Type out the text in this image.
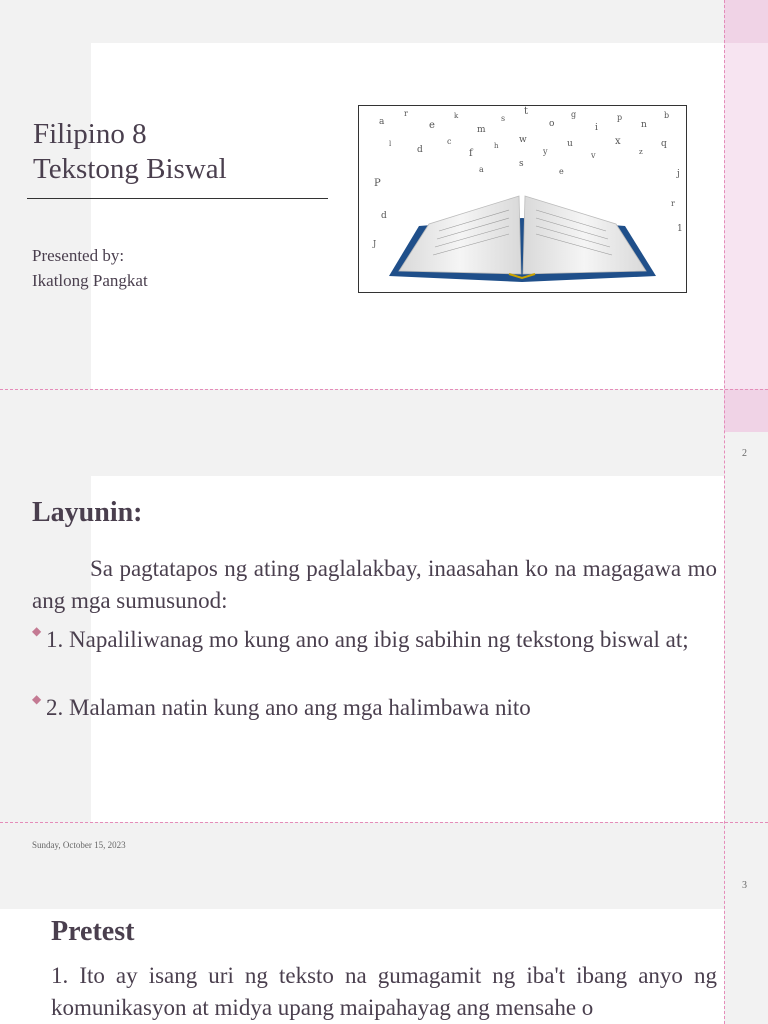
Filipino 8
Tekstong Biswal
Presented by:
Ikatlong Pangkat
a
r
e
k
m
s
t
o
g
i
p
n
b
l
d
c
f
h
w
y
u
v
x
z
q
P
d
J
j
r
1
a	e
s
2
Layunin:
Sa pagtatapos ng ating paglalakbay, inaasahan ko na magagawa mo ang mga sumusunod:
◆ 1. Napaliliwanag mo kung ano ang ibig sabihin ng tekstong biswal at;
◆ 2. Malaman natin kung ano ang mga halimbawa nito
Sunday, October 15, 2023
3
Pretest
1. Ito ay isang uri ng teksto na gumagamit ng iba't ibang anyo ng komunikasyon at midya upang maipahayag ang mensahe o
